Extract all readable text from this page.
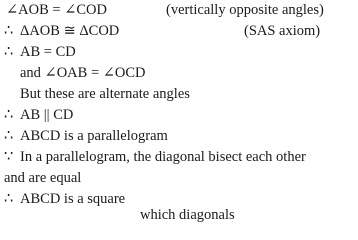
∠AOB = ∠COD	(vertically opposite angles)
∴ ΔAOB ≅ ΔCOD	(SAS axiom)
∴ AB = CD
and ∠OAB = ∠OCD
But these are alternate angles
∴ AB || CD
∴ ABCD is a parallelogram
∵ In a parallelogram, the diagonal bisect each other
and are equal
∴ ABCD is a square
which diagonals
